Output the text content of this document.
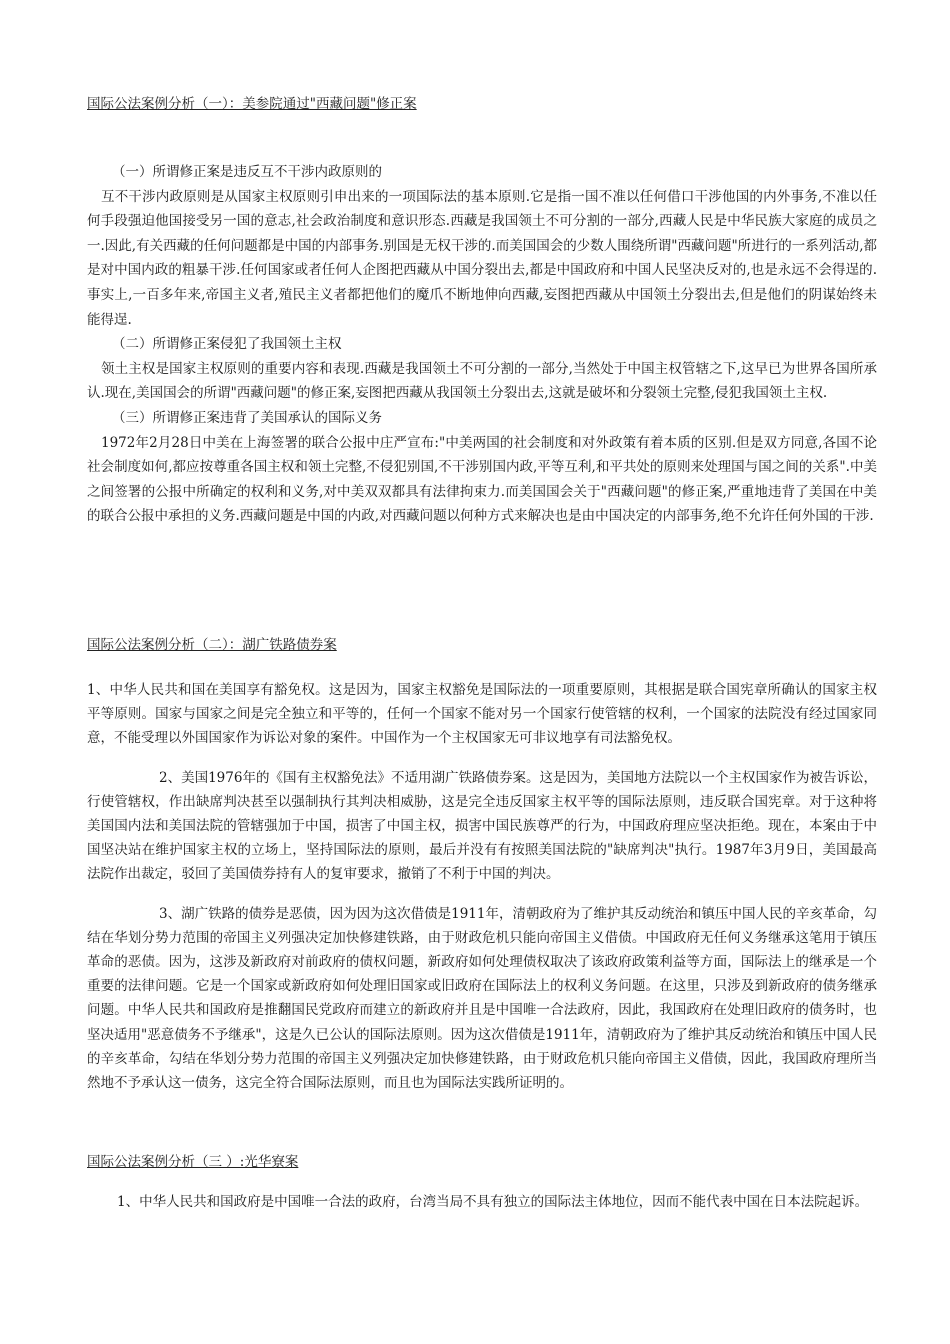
国际公法案例分析（一）：美参院通过"西藏问题"修正案

（一）所谓修正案是违反互不干涉内政原则的

互不干涉内政原则是从国家主权原则引申出来的一项国际法的基本原则.它是指一国不准以任何借口干涉他国的内外事务,不准以任何手段强迫他国接受另一国的意志,社会政治制度和意识形态.西藏是我国领土不可分割的一部分,西藏人民是中华民族大家庭的成员之一.因此,有关西藏的任何问题都是中国的内部事务.别国是无权干涉的.而美国国会的少数人围绕所谓"西藏问题"所进行的一系列活动,都是对中国内政的粗暴干涉.任何国家或者任何人企图把西藏从中国分裂出去,都是中国政府和中国人民坚决反对的,也是永远不会得逞的.事实上,一百多年来,帝国主义者,殖民主义者都把他们的魔爪不断地伸向西藏,妄图把西藏从中国领土分裂出去,但是他们的阴谋始终未能得逞.

（二）所谓修正案侵犯了我国领土主权

领土主权是国家主权原则的重要内容和表现.西藏是我国领土不可分割的一部分,当然处于中国主权管辖之下,这早已为世界各国所承认.现在,美国国会的所谓"西藏问题"的修正案,妄图把西藏从我国领土分裂出去,这就是破坏和分裂领土完整,侵犯我国领土主权.

（三）所谓修正案违背了美国承认的国际义务

1972年2月28日中美在上海签署的联合公报中庄严宣布:"中美两国的社会制度和对外政策有着本质的区别.但是双方同意,各国不论社会制度如何,都应按尊重各国主权和领土完整,不侵犯别国,不干涉别国内政,平等互利,和平共处的原则来处理国与国之间的关系".中美之间签署的公报中所确定的权利和义务,对中美双双都具有法律拘束力.而美国国会关于"西藏问题"的修正案,严重地违背了美国在中美的联合公报中承担的义务.西藏问题是中国的内政,对西藏问题以何种方式来解决也是由中国决定的内部事务,绝不允许任何外国的干涉.

国际公法案例分析（二）：湖广铁路债券案

1、中华人民共和国在美国享有豁免权。这是因为，国家主权豁免是国际法的一项重要原则，其根据是联合国宪章所确认的国家主权平等原则。国家与国家之间是完全独立和平等的，任何一个国家不能对另一个国家行使管辖的权利，一个国家的法院没有经过国家同意，不能受理以外国国家作为诉讼对象的案件。中国作为一个主权国家无可非议地享有司法豁免权。

2、美国1976年的《国有主权豁免法》不适用湖广铁路债券案。这是因为，美国地方法院以一个主权国家作为被告诉讼，行使管辖权，作出缺席判决甚至以强制执行其判决相威胁，这是完全违反国家主权平等的国际法原则，违反联合国宪章。对于这种将美国国内法和美国法院的管辖强加于中国，损害了中国主权，损害中国民族尊严的行为，中国政府理应坚决拒绝。现在，本案由于中国坚决站在维护国家主权的立场上，坚持国际法的原则，最后并没有有按照美国法院的"缺席判决"执行。1987年3月9日，美国最高法院作出裁定，驳回了美国债券持有人的复审要求，撤销了不利于中国的判决。

3、湖广铁路的债券是恶债，因为因为这次借债是1911年，清朝政府为了维护其反动统治和镇压中国人民的辛亥革命，勾结在华划分势力范围的帝国主义列强决定加快修建铁路，由于财政危机只能向帝国主义借债。中国政府无任何义务继承这笔用于镇压革命的恶债。因为，这涉及新政府对前政府的债权问题，新政府如何处理债权取决了该政府政策利益等方面，国际法上的继承是一个重要的法律问题。它是一个国家或新政府如何处理旧国家或旧政府在国际法上的权利义务问题。在这里，只涉及到新政府的债务继承问题。中华人民共和国政府是推翻国民党政府而建立的新政府并且是中国唯一合法政府，因此，我国政府在处理旧政府的债务时，也坚决适用"恶意债务不予继承"，这是久已公认的国际法原则。因为这次借债是1911年，清朝政府为了维护其反动统治和镇压中国人民的辛亥革命，勾结在华划分势力范围的帝国主义列强决定加快修建铁路，由于财政危机只能向帝国主义借债，因此，我国政府理所当然地不予承认这一债务，这完全符合国际法原则，而且也为国际法实践所证明的。

国际公法案例分析（三 ）:光华寮案

1、中华人民共和国政府是中国唯一合法的政府，台湾当局不具有独立的国际法主体地位，因而不能代表中国在日本法院起诉。
